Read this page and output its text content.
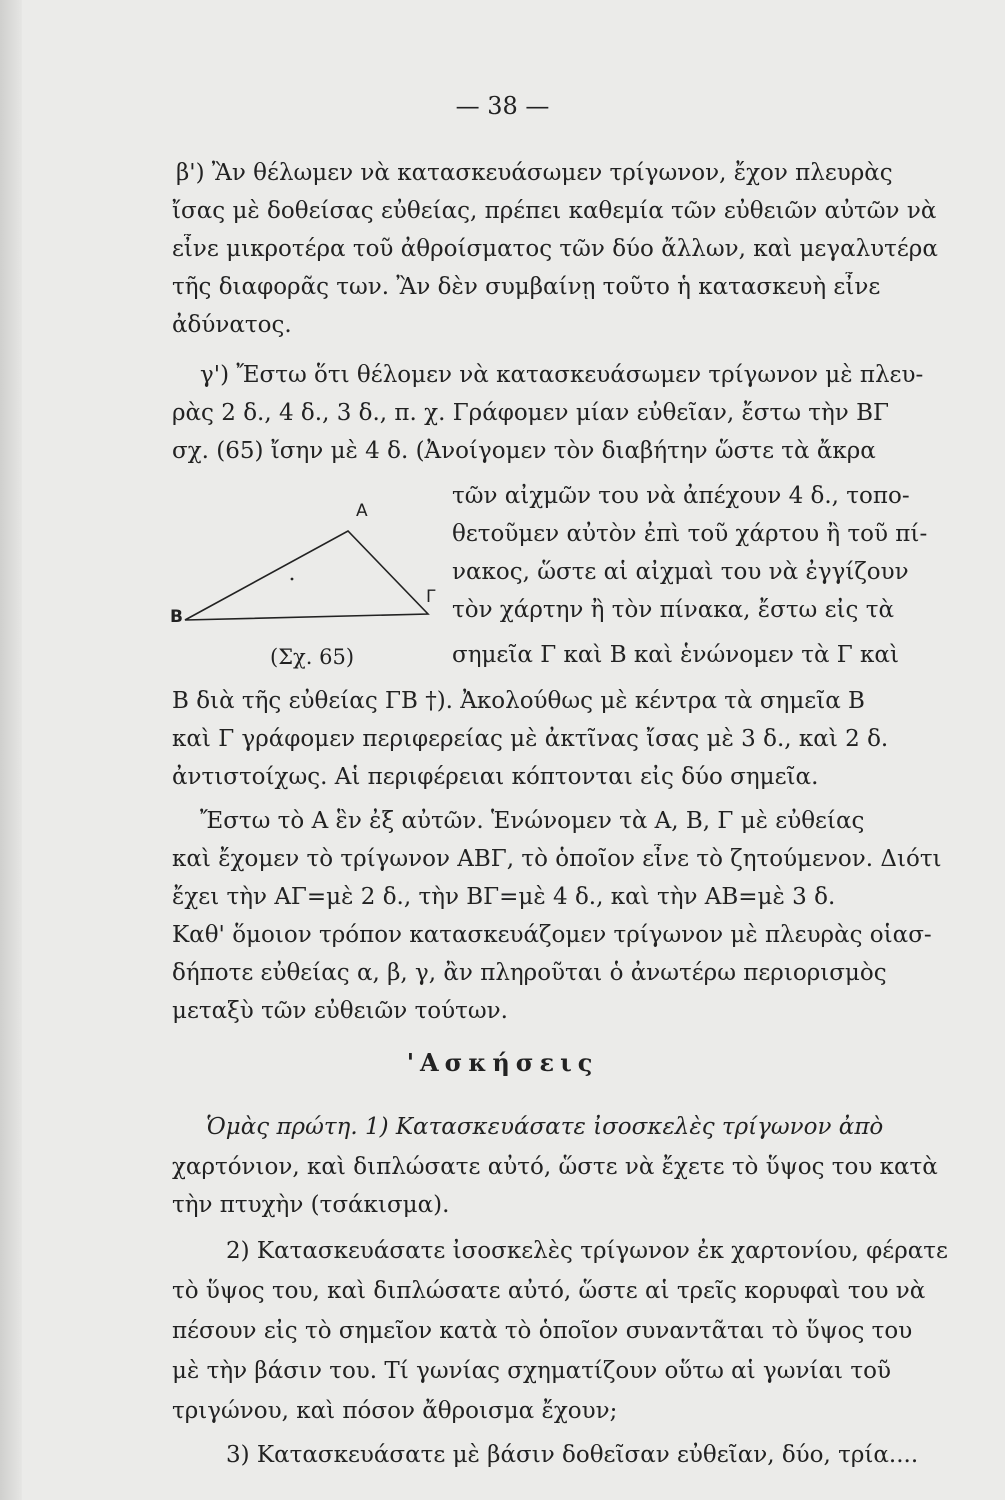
— 38 —
β') Ἂν θέλωμεν νὰ κατασκευάσωμεν τρίγωνον, ἔχον πλευρὰς
ἴσας μὲ δοθείσας εὐθείας, πρέπει καθεμία τῶν εὐθειῶν αὐτῶν νὰ
εἶνε μικροτέρα τοῦ ἀθροίσματος τῶν δύο ἄλλων, καὶ μεγαλυτέρα
τῆς διαφορᾶς των. Ἂν δὲν συμβαίνῃ τοῦτο ἡ κατασκευὴ εἶνε
ἀδύνατος.
γ') Ἔστω ὅτι θέλομεν νὰ κατασκευάσωμεν τρίγωνον μὲ πλευ-
ρὰς 2 δ., 4 δ., 3 δ., π. χ. Γράφομεν μίαν εὐθεῖαν, ἔστω τὴν ΒΓ
σχ. (65) ἴσην μὲ 4 δ. (Ἀνοίγομεν τὸν διαβήτην ὥστε τὰ ἄκρα
τῶν αἰχμῶν του νὰ ἀπέχουν 4 δ., τοπο-
θετοῦμεν αὐτὸν ἐπὶ τοῦ χάρτου ἢ τοῦ πί-
νακος, ὥστε αἱ αἰχμαὶ του νὰ ἐγγίζουν
τὸν χάρτην ἢ τὸν πίνακα, ἔστω εἰς τὰ
σημεῖα Γ καὶ Β καὶ ἑνώνομεν τὰ Γ καὶ
A
B
Γ
(Σχ. 65)
Β διὰ τῆς εὐθείας ΓΒ †). Ἀκολούθως μὲ κέντρα τὰ σημεῖα Β
καὶ Γ γράφομεν περιφερείας μὲ ἀκτῖνας ἴσας μὲ 3 δ., καὶ 2 δ.
ἀντιστοίχως. Αἱ περιφέρειαι κόπτονται εἰς δύο σημεῖα.
Ἔστω τὸ Α ἓν ἐξ αὐτῶν. Ἑνώνομεν τὰ Α, Β, Γ μὲ εὐθείας
καὶ ἔχομεν τὸ τρίγωνον ΑΒΓ, τὸ ὁποῖον εἶνε τὸ ζητούμενον. Διότι
ἔχει τὴν ΑΓ=μὲ 2 δ., τὴν ΒΓ=μὲ 4 δ., καὶ τὴν ΑΒ=μὲ 3 δ.
Καθ' ὅμοιον τρόπον κατασκευάζομεν τρίγωνον μὲ πλευρὰς οἱασ-
δήποτε εὐθείας α, β, γ, ἂν πληροῦται ὁ ἀνωτέρω περιορισμὸς
μεταξὺ τῶν εὐθειῶν τούτων.
'Ασκήσεις
Ὁμὰς πρώτη. 1) Κατασκευάσατε ἰσοσκελὲς τρίγωνον ἀπὸ
χαρτόνιον, καὶ διπλώσατε αὐτό, ὥστε νὰ ἔχετε τὸ ὕψος του κατὰ
τὴν πτυχὴν (τσάκισμα).
2) Κατασκευάσατε ἰσοσκελὲς τρίγωνον ἐκ χαρτονίου, φέρατε
τὸ ὕψος του, καὶ διπλώσατε αὐτό, ὥστε αἱ τρεῖς κορυφαὶ του νὰ
πέσουν εἰς τὸ σημεῖον κατὰ τὸ ὁποῖον συναντᾶται τὸ ὕψος του
μὲ τὴν βάσιν του. Τί γωνίας σχηματίζουν οὕτω αἱ γωνίαι τοῦ
τριγώνου, καὶ πόσον ἄθροισμα ἔχουν;
3) Κατασκευάσατε μὲ βάσιν δοθεῖσαν εὐθεῖαν, δύο, τρία....
